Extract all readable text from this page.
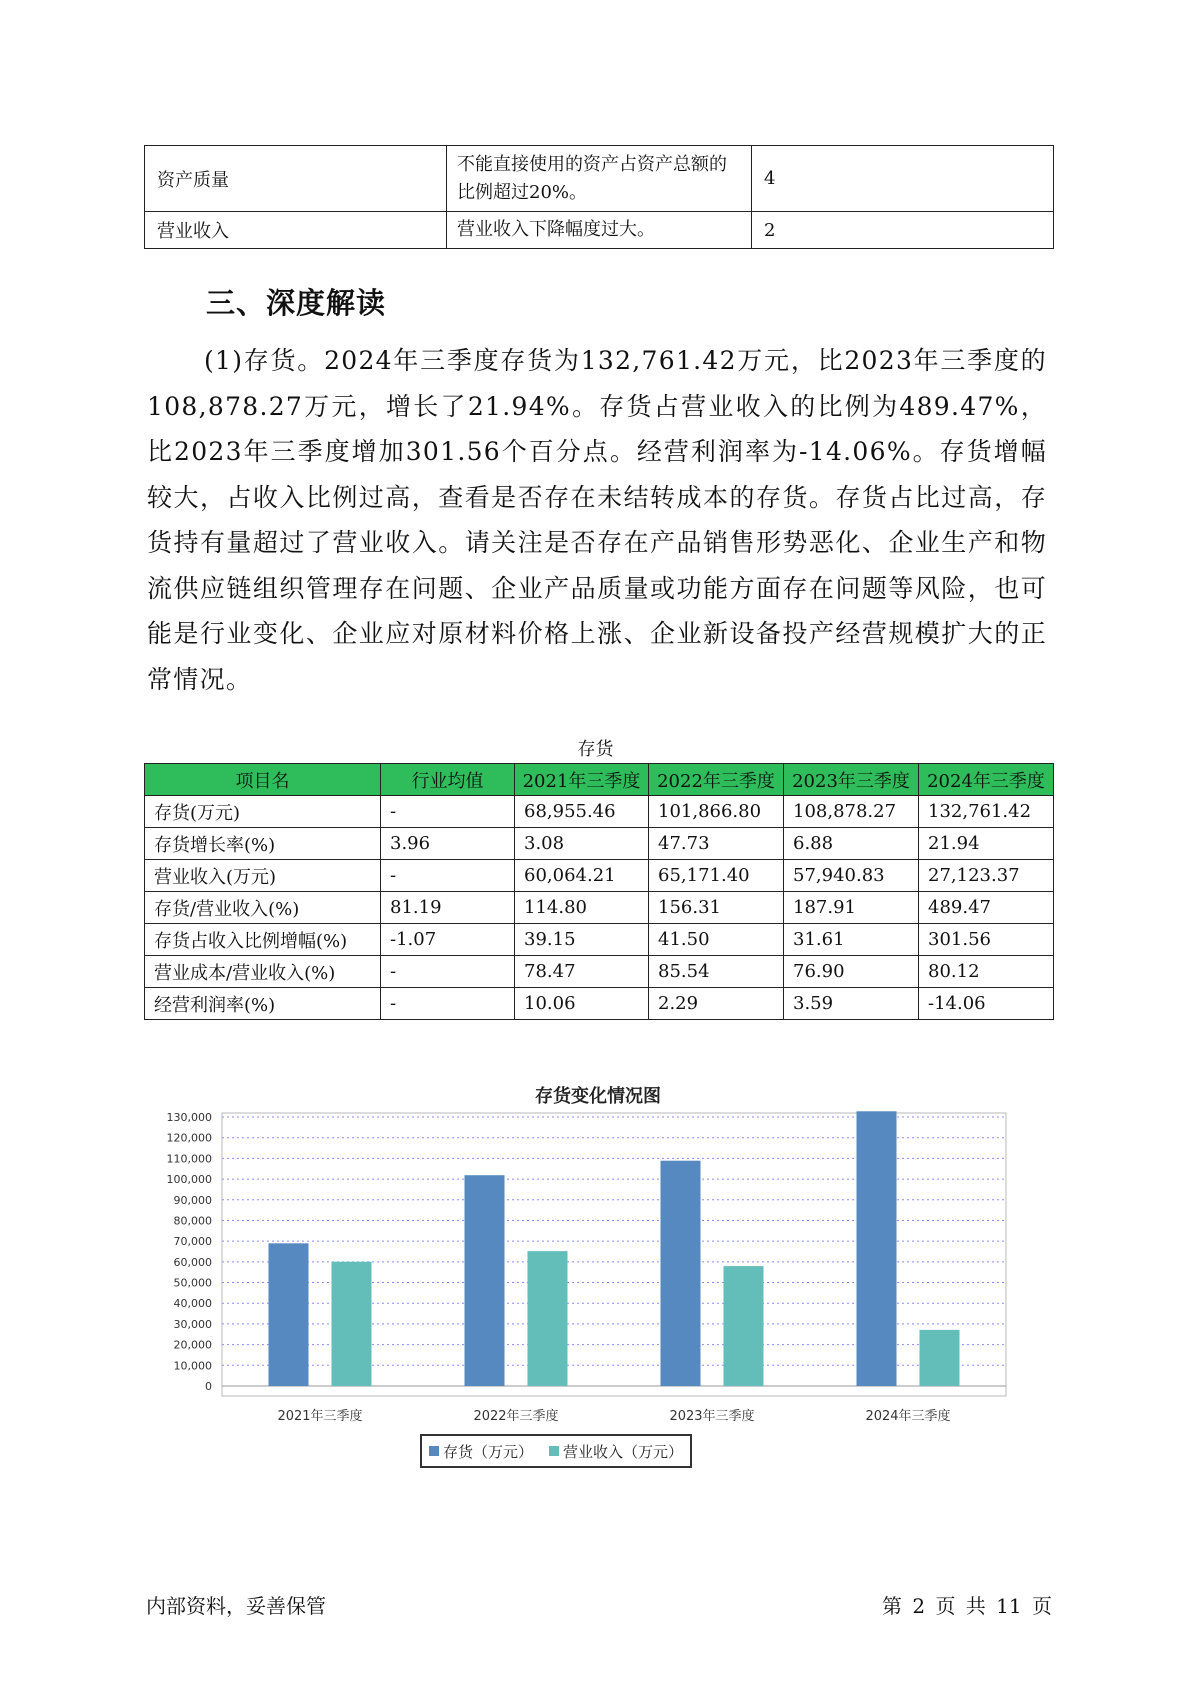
资产质量	不能直接使用的资产占资产总额的比例超过20%。	4
营业收入	营业收入下降幅度过大。	2
三、深度解读

(1)存货。2024年三季度存货为132,761.42万元，比2023年三季度的108,878.27万元，增长了21.94%。存货占营业收入的比例为489.47%，比2023年三季度增加301.56个百分点。经营利润率为-14.06%。存货增幅较大，占收入比例过高，查看是否存在未结转成本的存货。存货占比过高，存货持有量超过了营业收入。请关注是否存在产品销售形势恶化、企业生产和物流供应链组织管理存在问题、企业产品质量或功能方面存在问题等风险，也可能是行业变化、企业应对原材料价格上涨、企业新设备投产经营规模扩大的正常情况。

存货
项目名	行业均值	2021年三季度	2022年三季度	2023年三季度	2024年三季度
存货(万元)	-	68,955.46	101,866.80	108,878.27	132,761.42
存货增长率(%)	3.96	3.08	47.73	6.88	21.94
营业收入(万元)	-	60,064.21	65,171.40	57,940.83	27,123.37
存货/营业收入(%)	81.19	114.80	156.31	187.91	489.47
存货占收入比例增幅(%)	-1.07	39.15	41.50	31.61	301.56
营业成本/营业收入(%)	-	78.47	85.54	76.90	80.12
经营利润率(%)	-	10.06	2.29	3.59	-14.06
存货变化情况图
0
10,000
20,000
30,000
40,000
50,000
60,000
70,000
80,000
90,000
100,000
110,000
120,000
130,000
2021年三季度	2022年三季度	2023年三季度	2024年三季度
存货（万元） 营业收入（万元）
内部资料，妥善保管	第 2 页 共 11 页
